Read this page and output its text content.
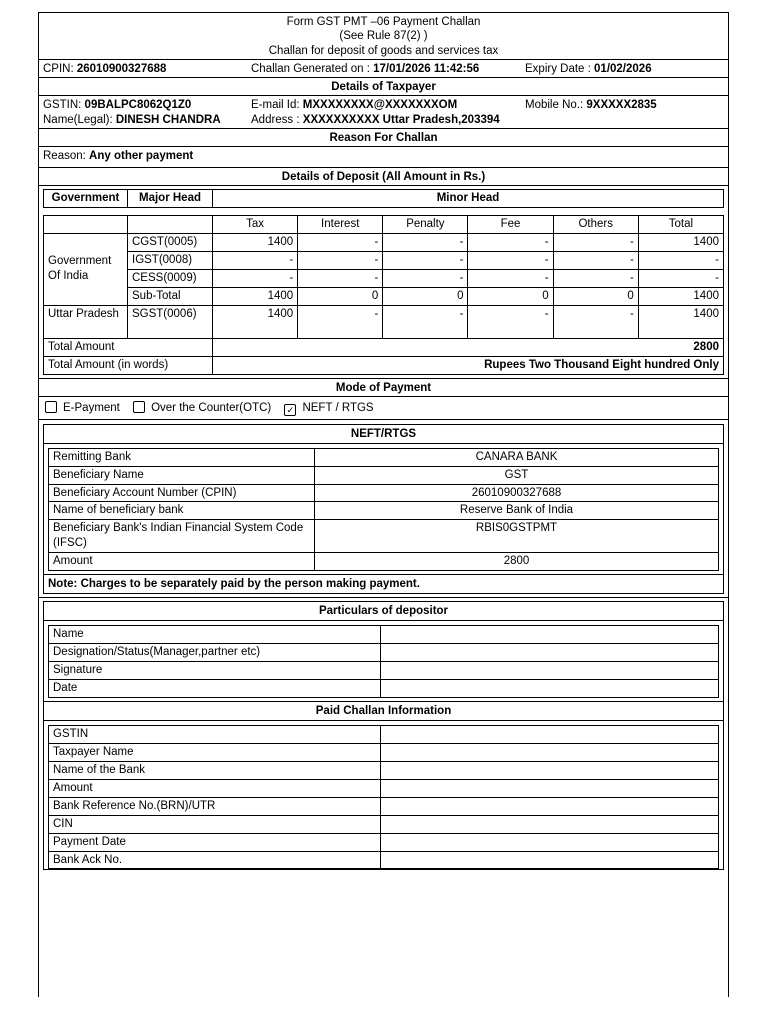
Form GST PMT –06 Payment Challan
(See Rule 87(2) )
Challan for deposit of goods and services tax
CPIN: 26010900327688	Challan Generated on : 17/01/2026 11:42:56	Expiry Date : 01/02/2026
Details of Taxpayer
GSTIN: 09BALPC8062Q1Z0	E-mail Id: MXXXXXXXX@XXXXXXXOM	Mobile No.: 9XXXXX2835
Name(Legal): DINESH CHANDRA	Address : XXXXXXXXXX Uttar Pradesh,203394
Reason For Challan
Reason: Any other payment
Details of Deposit (All Amount in Rs.)
Government	Major Head	Minor Head
		Tax	Interest	Penalty	Fee	Others	Total
Government Of India	CGST(0005)	1400	-	-	-	-	1400
	IGST(0008)	-	-	-	-	-	-
	CESS(0009)	-	-	-	-	-	-
	Sub-Total	1400	0	0	0	0	1400
Uttar Pradesh	SGST(0006)	1400	-	-	-	-	1400
Total Amount		2800					
Total Amount (in words)		Rupees Two Thousand Eight hundred Only					
Mode of Payment
E-Payment	Over the Counter(OTC) ✓ NEFT / RTGS
NEFT/RTGS
Remitting Bank	CANARA BANK
Beneficiary Name	GST
Beneficiary Account Number (CPIN)	26010900327688
Name of beneficiary bank	Reserve Bank of India
Beneficiary Bank's Indian Financial System Code (IFSC)	RBIS0GSTPMT
Amount	2800
Note: Charges to be separately paid by the person making payment.
Particulars of depositor
Name	
Designation/Status(Manager,partner etc)	
Signature	
Date	
Paid Challan Information
GSTIN	
Taxpayer Name	
Name of the Bank	
Amount	
Bank Reference No.(BRN)/UTR	
CIN	
Payment Date	
Bank Ack No.	
